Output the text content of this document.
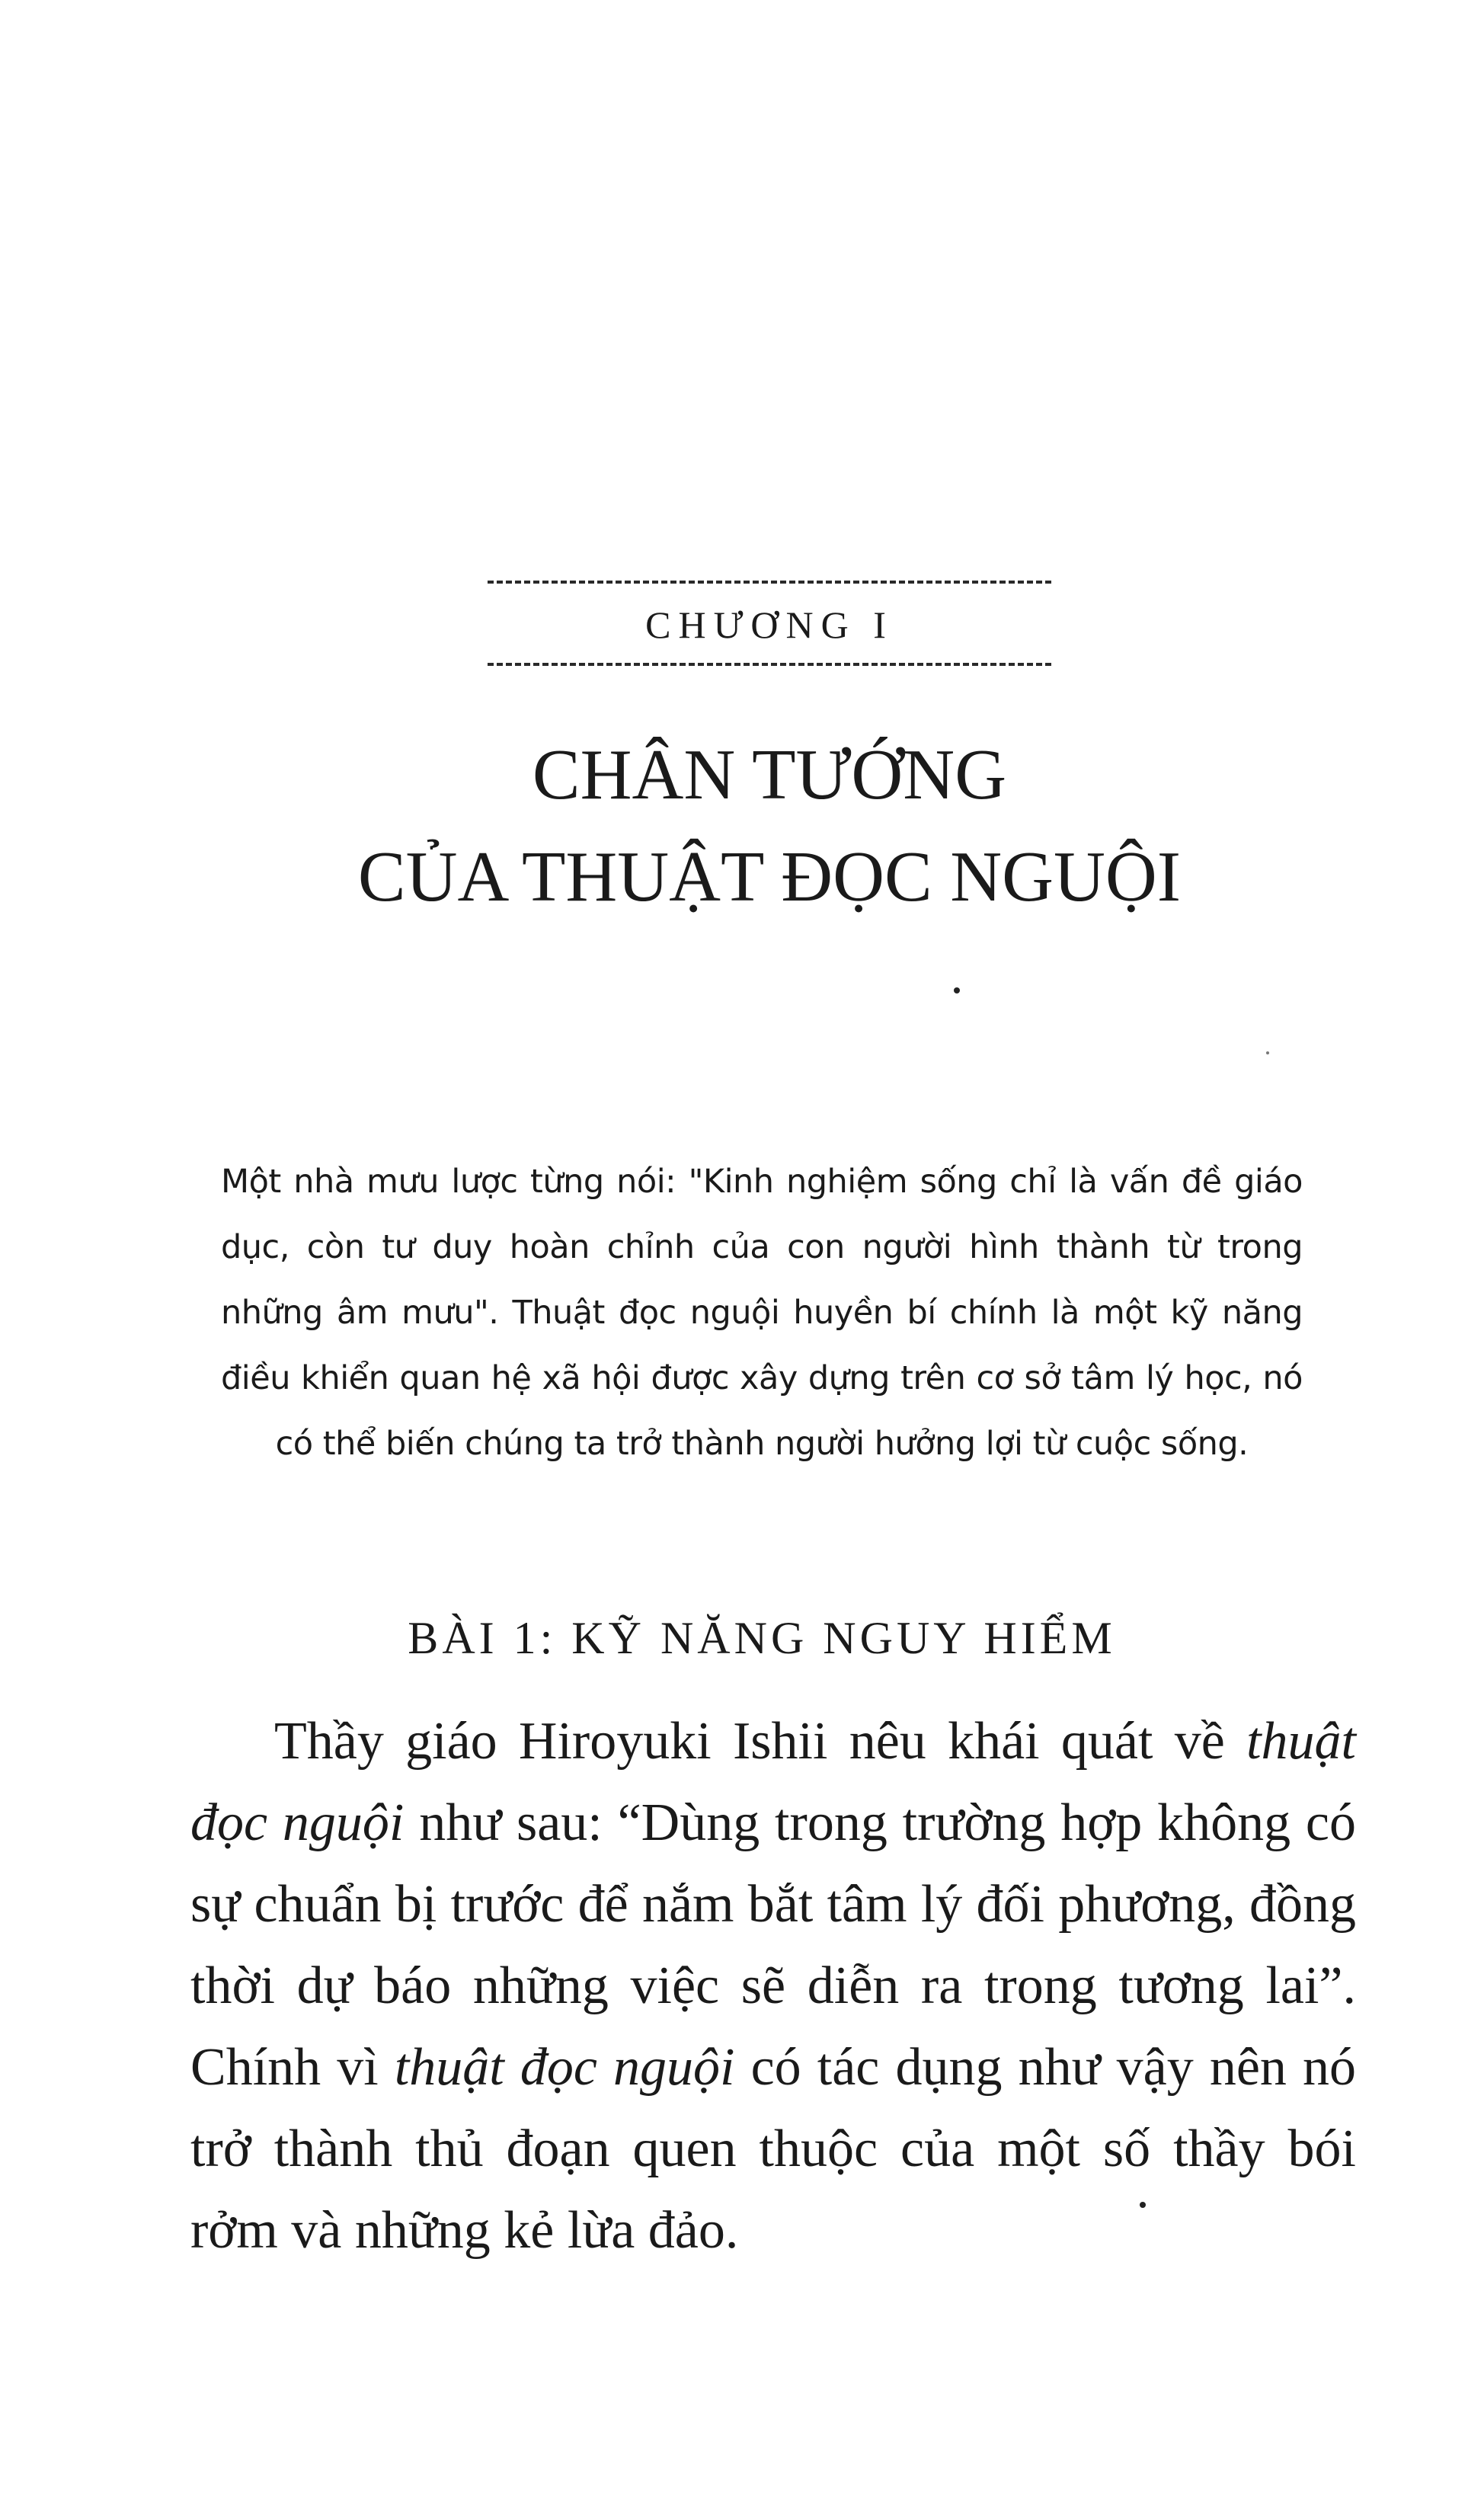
CHƯƠNG I
CHÂN TƯỚNG
CỦA THUẬT ĐỌC NGUỘI

Một nhà mưu lược từng nói: "Kinh nghiệm sống chỉ là vấn đề giáo dục, còn tư duy hoàn chỉnh của con người hình thành từ trong những âm mưu". Thuật đọc nguội huyền bí chính là một kỹ năng điều khiển quan hệ xã hội được xây dựng trên cơ sở tâm lý học, nó có thể biến chúng ta trở thành người hưởng lợi từ cuộc sống.

BÀI 1: KỸ NĂNG NGUY HIỂM

Thầy giáo Hiroyuki Ishii nêu khái quát về thuật đọc nguội như sau: “Dùng trong trường hợp không có sự chuẩn bị trước để nắm bắt tâm lý đối phương, đồng thời dự báo những việc sẽ diễn ra trong tương lai”. Chính vì thuật đọc nguội có tác dụng như vậy nên nó trở thành thủ đoạn quen thuộc của một số thầy bói rởm và những kẻ lừa đảo.
